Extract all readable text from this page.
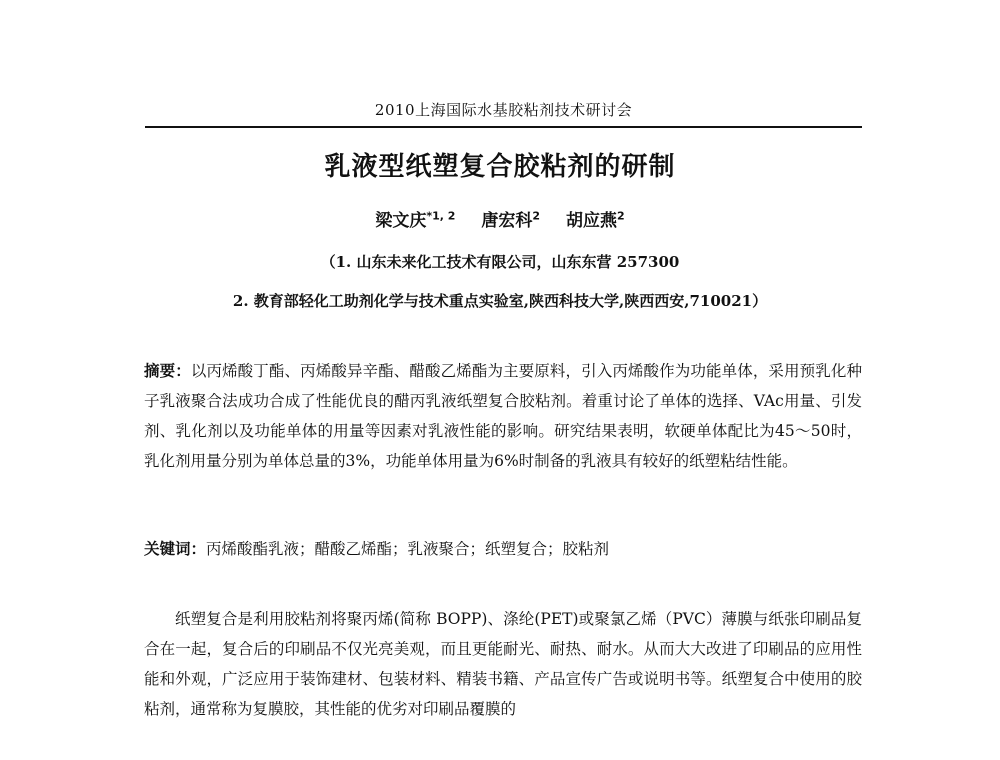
2010上海国际水基胶粘剂技术研讨会
乳液型纸塑复合胶粘剂的研制
梁文庆$^{*1, 2}$ 唐宏科$^2$ 胡应燕$^2$
（1. 山东未来化工技术有限公司，山东东营 257300
2. 教育部轻化工助剂化学与技术重点实验室,陕西科技大学,陕西西安,710021）
摘要：以丙烯酸丁酯、丙烯酸异辛酯、醋酸乙烯酯为主要原料，引入丙烯酸作为功能单体，采用预乳化种子乳液聚合法成功合成了性能优良的醋丙乳液纸塑复合胶粘剂。着重讨论了单体的选择、VAc用量、引发剂、乳化剂以及功能单体的用量等因素对乳液性能的影响。研究结果表明，软硬单体配比为45～50时，乳化剂用量分别为单体总量的3%，功能单体用量为6%时制备的乳液具有较好的纸塑粘结性能。
关键词：丙烯酸酯乳液；醋酸乙烯酯；乳液聚合；纸塑复合；胶粘剂
纸塑复合是利用胶粘剂将聚丙烯(简称 BOPP)、涤纶(PET)或聚氯乙烯（PVC）薄膜与纸张印刷品复合在一起，复合后的印刷品不仅光亮美观，而且更能耐光、耐热、耐水。从而大大改进了印刷品的应用性能和外观，广泛应用于装饰建材、包装材料、精装书籍、产品宣传广告或说明书等。纸塑复合中使用的胶粘剂，通常称为复膜胶，其性能的优劣对印刷品覆膜的
